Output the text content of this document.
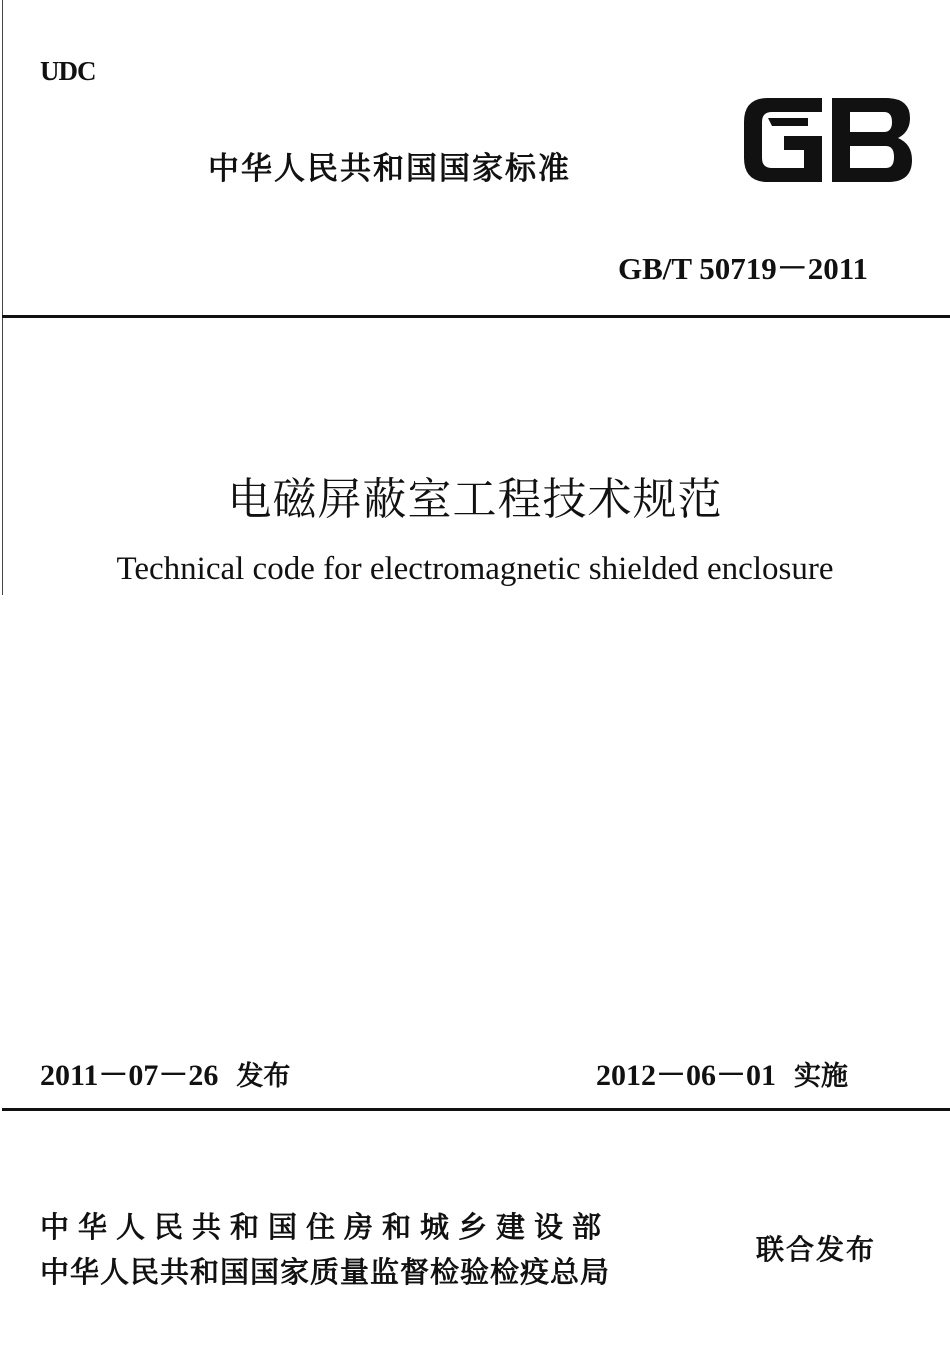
UDC
中华人民共和国国家标准
GB/T 50719－2011
电磁屏蔽室工程技术规范
Technical code for electromagnetic shielded enclosure
2011－07－26 发布	2012－06－01 实施
中华人民共和国住房和城乡建设部
中华人民共和国国家质量监督检验检疫总局
联合发布
